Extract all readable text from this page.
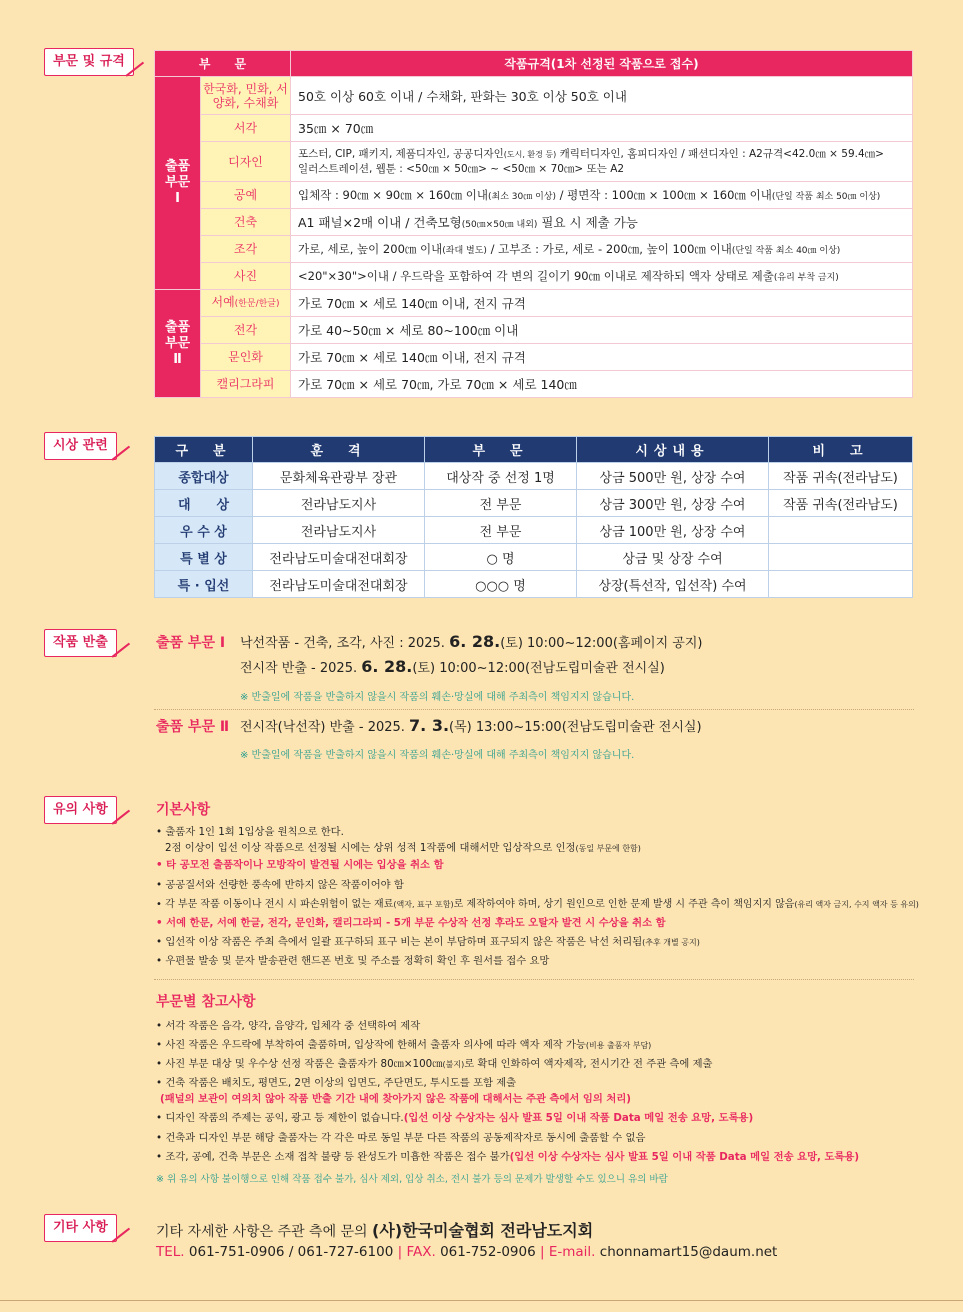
부문 및 규격
시상 관련
작품 반출
유의 사항
기타 사항
부　　문		작품규격(1차 선정된 작품으로 접수)
출품
부문
Ⅰ	한국화, 민화, 서양화, 수채화	50호 이상 60호 이내 / 수채화, 판화는 30호 이상 50호 이내
	서각	35㎝ × 70㎝
	디자인	포스터, CIP, 패키지, 제품디자인, 공공디자인(도시, 환경 등) 캐릭터디자인, 홈피디자인 / 패션디자인 : A2규격<42.0㎝ × 59.4㎝>
일러스트레이션, 웹툰 : <50㎝ × 50㎝> ~ <50㎝ × 70㎝> 또는 A2

	공예	입체작 : 90㎝ × 90㎝ × 160㎝ 이내(최소 30㎝ 이상) / 평면작 : 100㎝ × 100㎝ × 160㎝ 이내(단일 작품 최소 50㎝ 이상)
	건축	A1 패널×2매 이내 / 건축모형(50㎝×50㎝ 내외) 필요 시 제출 가능
	조각	가로, 세로, 높이 200㎝ 이내(좌대 별도) / 고부조 : 가로, 세로 - 200㎝, 높이 100㎝ 이내(단일 작품 최소 40㎝ 이상)
	사진	<20"×30">이내 / 우드락을 포함하여 각 변의 길이기 90㎝ 이내로 제작하되 액자 상태로 제출(유리 부착 금지)
출품
부문
Ⅱ	서예(한문/한글)	가로 70㎝ × 세로 140㎝ 이내, 전지 규격
	전각	가로 40~50㎝ × 세로 80~100㎝ 이내
	문인화	가로 70㎝ × 세로 140㎝ 이내, 전지 규격
	캘리그라피	가로 70㎝ × 세로 70㎝, 가로 70㎝ × 세로 140㎝
구　분	훈　격	부　문	시상내용	비　고
종합대상	문화체육관광부 장관	대상작 중 선정 1명	상금 500만 원, 상장 수여	작품 귀속(전라남도)
대　　상	전라남도지사	전 부문	상금 300만 원, 상장 수여	작품 귀속(전라남도)
우 수 상	전라남도지사	전 부문	상금 100만 원, 상장 수여	
특 별 상	전라남도미술대전대회장	○ 명	상금 및 상장 수여	
특 · 입선	전라남도미술대전대회장	○○○ 명	상장(특선작, 입선작) 수여	
출품 부문 Ⅰ 낙선작품 - 건축, 조각, 사진 : 2025. 6. 28.(토) 10:00~12:00(홈페이지 공지)
전시작 반출 - 2025. 6. 28.(토) 10:00~12:00(전남도립미술관 전시실)
※ 반출일에 작품을 반출하지 않을시 작품의 훼손·망실에 대해 주최측이 책임지지 않습니다.
출품 부문 Ⅱ 전시작(낙선작) 반출 - 2025. 7. 3.(목) 13:00~15:00(전남도립미술관 전시실)
※ 반출일에 작품을 반출하지 않을시 작품의 훼손·망실에 대해 주최측이 책임지지 않습니다.
기본사항
• 출품자 1인 1회 1입상을 원칙으로 한다.
2점 이상이 입선 이상 작품으로 선정될 시에는 상위 성적 1작품에 대해서만 입상작으로 인정(동일 부문에 한함)
• 타 공모전 출품작이나 모방작이 발견될 시에는 입상을 취소 함
• 공공질서와 선량한 풍속에 반하지 않은 작품이어야 함
• 각 부문 작품 이동이나 전시 시 파손위험이 없는 재료(액자, 표구 포함)로 제작하여야 하며, 상기 원인으로 인한 문제 발생 시 주관 측이 책임지지 않음(유리 액자 금지, 수지 액자 등 유의)
• 서예 한문, 서예 한글, 전각, 문인화, 캘리그라피 - 5개 부문 수상작 선정 후라도 오탈자 발견 시 수상을 취소 함
• 입선작 이상 작품은 주최 측에서 일괄 표구하되 표구 비는 본이 부담하며 표구되지 않은 작품은 낙선 처리됨(추후 개별 공지)
• 우편물 발송 및 문자 발송관련 핸드폰 번호 및 주소를 정확히 확인 후 원서를 접수 요망
부문별 참고사항
• 서각 작품은 음각, 양각, 음양각, 입체각 중 선택하여 제작
• 사진 작품은 우드락에 부착하여 출품하며, 입상작에 한해서 출품자 의사에 따라 액자 제작 가능(비용 출품자 부담)
• 사진 부문 대상 및 우수상 선정 작품은 출품자가 80㎝×100㎝(불지)로 확대 인화하여 액자제작, 전시기간 전 주관 측에 제출
• 건축 작품은 배치도, 평면도, 2면 이상의 입면도, 주단면도, 투시도를 포함 제출
(패널의 보관이 여의치 않아 작품 반출 기간 내에 찾아가지 않은 작품에 대해서는 주관 측에서 임의 처리)
• 디자인 작품의 주제는 공익, 광고 등 제한이 없습니다.(입선 이상 수상자는 심사 발표 5일 이내 작품 Data 메일 전송 요망, 도록용)
• 건축과 디자인 부문 해당 출품자는 각 각은 따로 동일 부문 다른 작품의 공동제작자로 동시에 출품할 수 없음
• 조각, 공예, 건축 부문은 소재 접착 불량 등 완성도가 미흡한 작품은 접수 불가(입선 이상 수상자는 심사 발표 5일 이내 작품 Data 메일 전송 요망, 도록용)
※ 위 유의 사항 불이행으로 인해 작품 접수 불가, 심사 제외, 입상 취소, 전시 불가 등의 문제가 발생할 수도 있으니 유의 바람
기타 자세한 사항은 주관 측에 문의 (사)한국미술협회 전라남도지회
TEL. 061-751-0906 / 061-727-6100 | FAX. 061-752-0906 | E-mail. chonnamart15@daum.net
